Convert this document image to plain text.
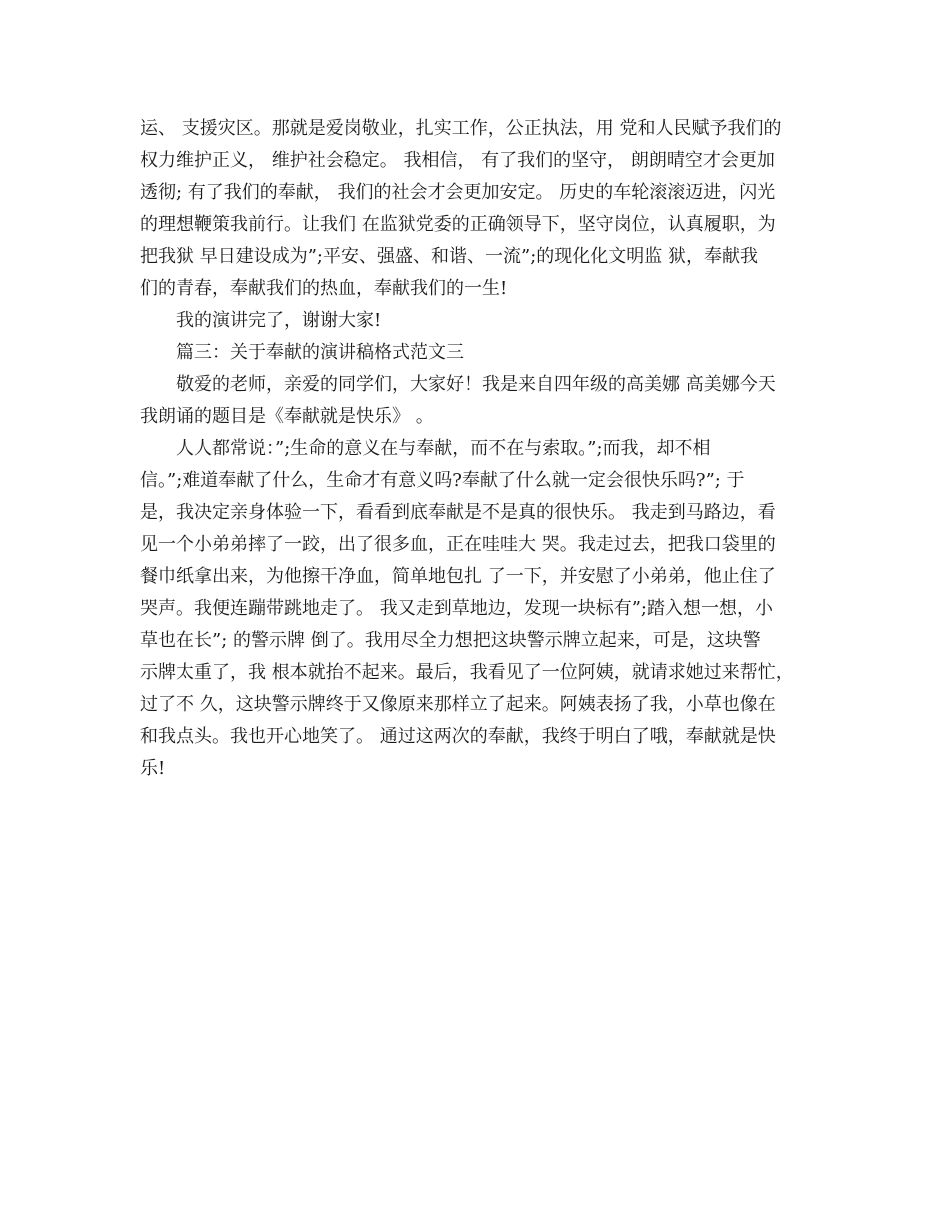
运、 支援灾区。那就是爱岗敬业，扎实工作，公正执法，用 党和人民赋予我们的
权力维护正义， 维护社会稳定。 我相信， 有了我们的坚守， 朗朗晴空才会更加
透彻; 有了我们的奉献， 我们的社会才会更加安定。 历史的车轮滚滚迈进，闪光
的理想鞭策我前行。让我们 在监狱党委的正确领导下，坚守岗位，认真履职，为
把我狱 早日建设成为”;平安、强盛、和谐、一流”;的现化化文明监 狱，奉献我
们的青春，奉献我们的热血，奉献我们的一生!
我的演讲完了，谢谢大家!
篇三：关于奉献的演讲稿格式范文三
敬爱的老师，亲爱的同学们，大家好！我是来自四年级的高美娜 高美娜今天
我朗诵的题目是《奉献就是快乐》 。
人人都常说：”;生命的意义在与奉献，而不在与索取。”;而我，却不相
信。”;难道奉献了什么，生命才有意义吗?奉献了什么就一定会很快乐吗?”; 于
是，我决定亲身体验一下，看看到底奉献是不是真的很快乐。 我走到马路边，看
见一个小弟弟摔了一跤，出了很多血，正在哇哇大 哭。我走过去，把我口袋里的
餐巾纸拿出来，为他擦干净血，简单地包扎 了一下，并安慰了小弟弟，他止住了
哭声。我便连蹦带跳地走了。 我又走到草地边，发现一块标有”;踏入想一想，小
草也在长”; 的警示牌 倒了。我用尽全力想把这块警示牌立起来，可是，这块警
示牌太重了，我 根本就抬不起来。最后，我看见了一位阿姨，就请求她过来帮忙，
过了不 久，这块警示牌终于又像原来那样立了起来。阿姨表扬了我，小草也像在
和我点头。我也开心地笑了。 通过这两次的奉献，我终于明白了哦，奉献就是快
乐!
